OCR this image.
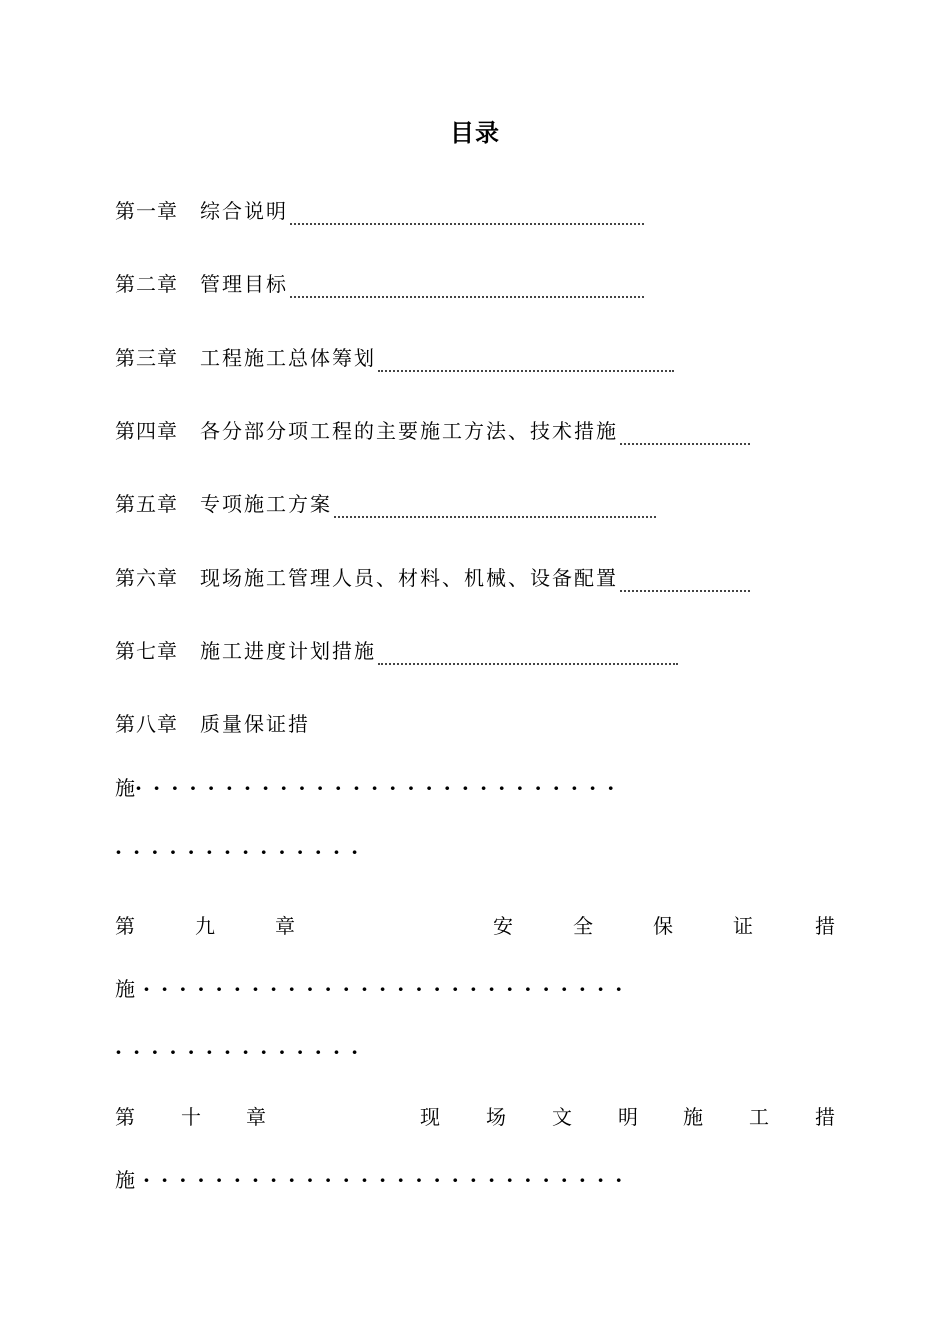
目录
第一章 综合说明
第二章 管理目标
第三章 工程施工总体筹划
第四章 各分部分项工程的主要施工方法、技术措施
第五章 专项施工方案
第六章 现场施工管理人员、材料、机械、设备配置
第七章 施工进度计划措施
第八章 质量保证措
施···························
··············
第	九	章	安	全	保	证	措
施 ···························
··············
第 十 章	现 场 文 明 施 工 措
施 ···························
